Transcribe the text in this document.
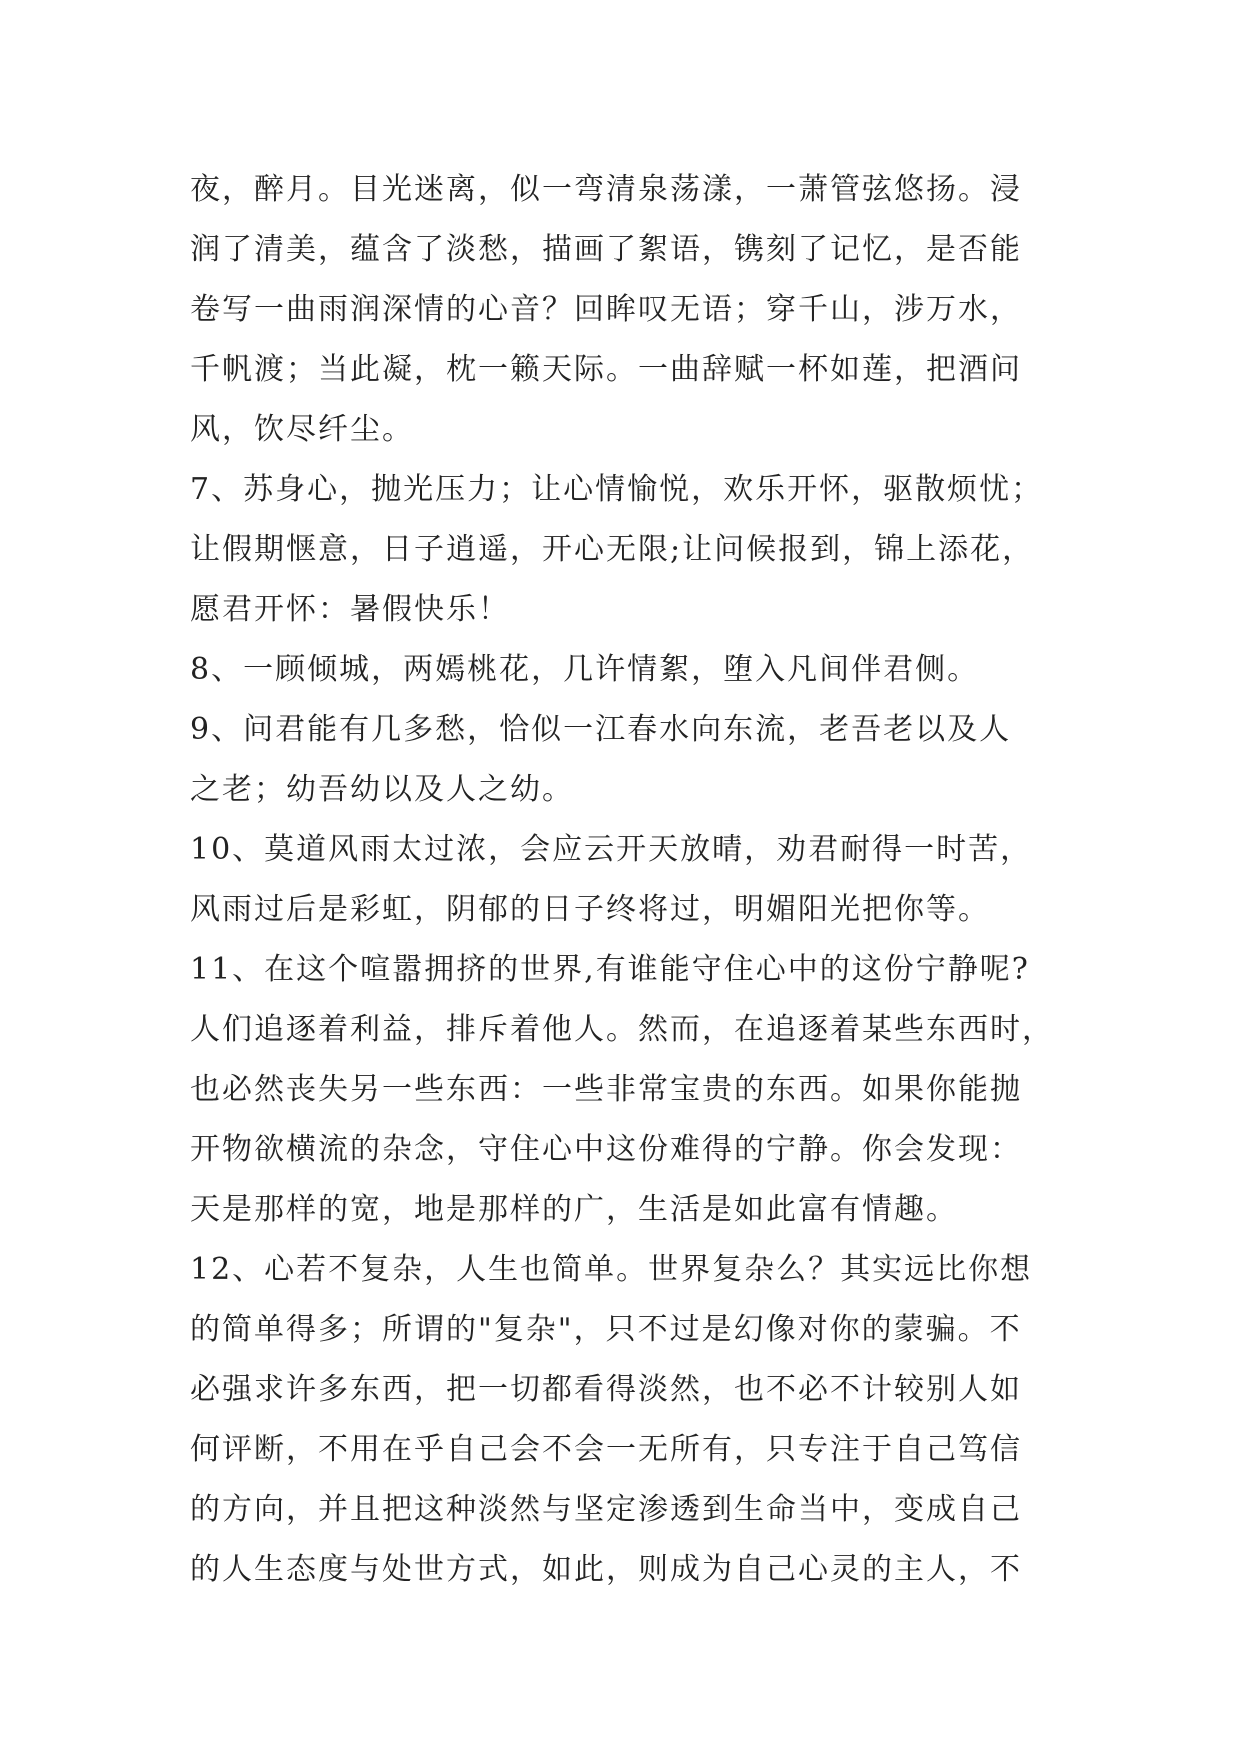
夜，醉月。目光迷离，似一弯清泉荡漾，一萧管弦悠扬。浸
润了清美，蕴含了淡愁，描画了絮语，镌刻了记忆，是否能
卷写一曲雨润深情的心音？回眸叹无语；穿千山，涉万水，
千帆渡；当此凝，枕一籁天际。一曲辞赋一杯如莲，把酒问
风，饮尽纤尘。
7、苏身心，抛光压力；让心情愉悦，欢乐开怀，驱散烦忧；
让假期惬意，日子逍遥，开心无限;让问候报到，锦上添花，
愿君开怀：暑假快乐！
8、一顾倾城，两嫣桃花，几许情絮，堕入凡间伴君侧。
9、问君能有几多愁，恰似一江春水向东流，老吾老以及人
之老；幼吾幼以及人之幼。
10、莫道风雨太过浓，会应云开天放晴，劝君耐得一时苦，
风雨过后是彩虹，阴郁的日子终将过，明媚阳光把你等。
11、在这个喧嚣拥挤的世界,有谁能守住心中的这份宁静呢?
人们追逐着利益，排斥着他人。然而，在追逐着某些东西时，
也必然丧失另一些东西：一些非常宝贵的东西。如果你能抛
开物欲横流的杂念，守住心中这份难得的宁静。你会发现：
天是那样的宽，地是那样的广，生活是如此富有情趣。
12、心若不复杂，人生也简单。世界复杂么？其实远比你想
的简单得多；所谓的"复杂"，只不过是幻像对你的蒙骗。不
必强求许多东西，把一切都看得淡然，也不必不计较别人如
何评断，不用在乎自己会不会一无所有，只专注于自己笃信
的方向，并且把这种淡然与坚定渗透到生命当中，变成自己
的人生态度与处世方式，如此，则成为自己心灵的主人，不
